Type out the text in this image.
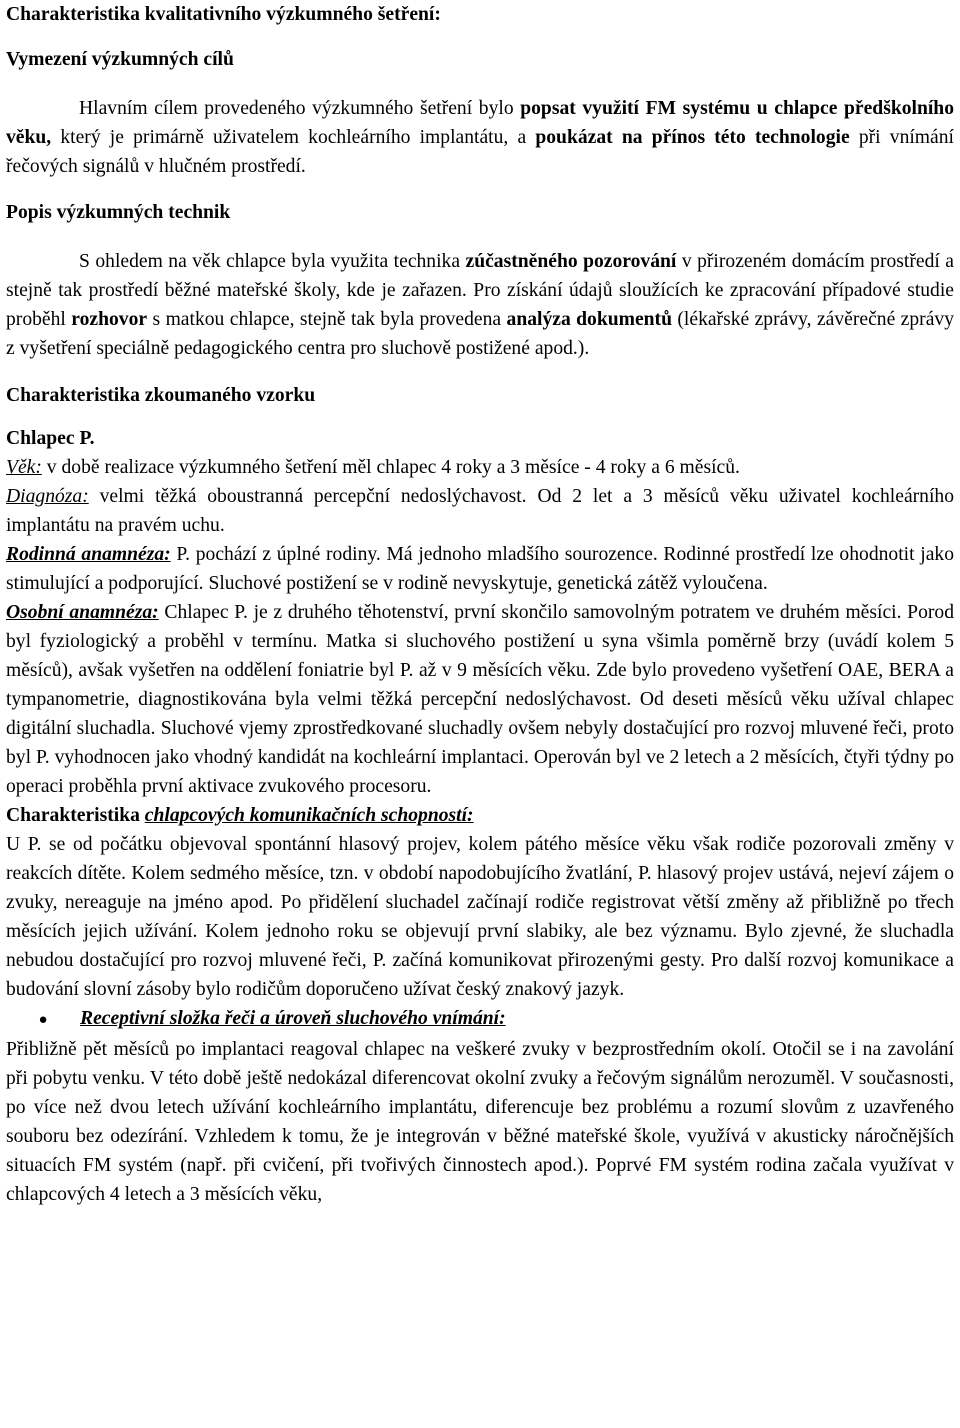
Charakteristika kvalitativního výzkumného šetření:
Vymezení výzkumných cílů

Hlavním cílem provedeného výzkumného šetření bylo popsat využití FM systému u chlapce předškolního věku, který je primárně uživatelem kochleárního implantátu, a poukázat na přínos této technologie při vnímání řečových signálů v hlučném prostředí.

Popis výzkumných technik

S ohledem na věk chlapce byla využita technika zúčastněného pozorování v přirozeném domácím prostředí a stejně tak prostředí běžné mateřské školy, kde je zařazen. Pro získání údajů sloužících ke zpracování případové studie proběhl rozhovor s matkou chlapce, stejně tak byla provedena analýza dokumentů (lékařské zprávy, závěrečné zprávy z vyšetření speciálně pedagogického centra pro sluchově postižené apod.).

Charakteristika zkoumaného vzorku
Chlapec P.

Věk: v době realizace výzkumného šetření měl chlapec 4 roky a 3 měsíce - 4 roky a 6 měsíců.

Diagnóza: velmi těžká oboustranná percepční nedoslýchavost. Od 2 let a 3 měsíců věku uživatel kochleárního implantátu na pravém uchu.

Rodinná anamnéza: P. pochází z úplné rodiny. Má jednoho mladšího sourozence. Rodinné prostředí lze ohodnotit jako stimulující a podporující. Sluchové postižení se v rodině nevyskytuje, genetická zátěž vyloučena.

Osobní anamnéza: Chlapec P. je z druhého těhotenství, první skončilo samovolným potratem ve druhém měsíci. Porod byl fyziologický a proběhl v termínu. Matka si sluchového postižení u syna všimla poměrně brzy (uvádí kolem 5 měsíců), avšak vyšetřen na oddělení foniatrie byl P. až v 9 měsících věku. Zde bylo provedeno vyšetření OAE, BERA a tympanometrie, diagnostikována byla velmi těžká percepční nedoslýchavost. Od deseti měsíců věku užíval chlapec digitální sluchadla. Sluchové vjemy zprostředkované sluchadly ovšem nebyly dostačující pro rozvoj mluvené řeči, proto byl P. vyhodnocen jako vhodný kandidát na kochleární implantaci. Operován byl ve 2 letech a 2 měsících, čtyři týdny po operaci proběhla první aktivace zvukového procesoru.

Charakteristika chlapcových komunikačních schopností:

U P. se od počátku objevoval spontánní hlasový projev, kolem pátého měsíce věku však rodiče pozorovali změny v reakcích dítěte. Kolem sedmého měsíce, tzn. v období napodobujícího žvatlání, P. hlasový projev ustává, nejeví zájem o zvuky, nereaguje na jméno apod. Po přidělení sluchadel začínají rodiče registrovat větší změny až přibližně po třech měsících jejich užívání. Kolem jednoho roku se objevují první slabiky, ale bez významu. Bylo zjevné, že sluchadla nebudou dostačující pro rozvoj mluvené řeči, P. začíná komunikovat přirozenými gesty. Pro další rozvoj komunikace a budování slovní zásoby bylo rodičům doporučeno užívat český znakový jazyk.

●	Receptivní složka řeči a úroveň sluchového vnímání:

Přibližně pět měsíců po implantaci reagoval chlapec na veškeré zvuky v bezprostředním okolí. Otočil se i na zavolání při pobytu venku. V této době ještě nedokázal diferencovat okolní zvuky a řečovým signálům nerozuměl. V současnosti, po více než dvou letech užívání kochleárního implantátu, diferencuje bez problému a rozumí slovům z uzavřeného souboru bez odezírání. Vzhledem k tomu, že je integrován v běžné mateřské škole, využívá v akusticky náročnějších situacích FM systém (např. při cvičení, při tvořivých činnostech apod.). Poprvé FM systém rodina začala využívat v chlapcových 4 letech a 3 měsících věku,
